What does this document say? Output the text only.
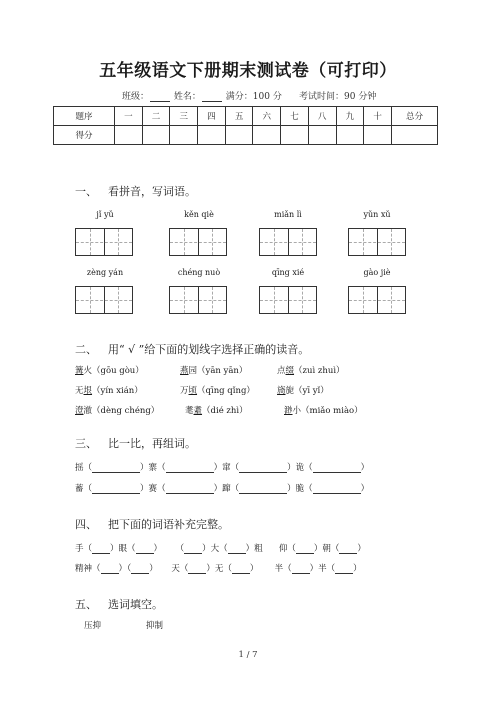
五年级语文下册期末测试卷（可打印）
班级：	姓名：	满分：100 分 考试时间：90 分钟
题序	一	二	三	四	五	六	七	八	九	十	总分
得分											
一、 看拼音，写词语。
jǐ yǔ	kěn qiè	miǎn lì	yǔn xǔ
zèng yán	chéng nuò	qīng xié	gào jiè
二、 用“ √ ”给下面的划线字选择正确的读音。
篝火（gōu gòu）	燕园（yān yān）	点缀（zuì zhuì）
无垠（yín xián）	万顷（qīng qǐng）	旖旎（yī yǐ）
澄澈（dèng chéng）	耄耋（dié zhì）	渺小（miǎo miào）
三、 比一比，再组词。
摇（	）寨（	）窜（	）诡（	）
蓄（	）赛（	）蹿（	）脆（	）
四、 把下面的词语补充完整。
手（ ）眼（ ） （ ）大（ ）粗 仰（ ）朝（ ）
精神（ ）（ ） 天（ ）无（ ） 半（ ）半（ ）
五、 选词填空。
压抑	抑制
1 / 7
